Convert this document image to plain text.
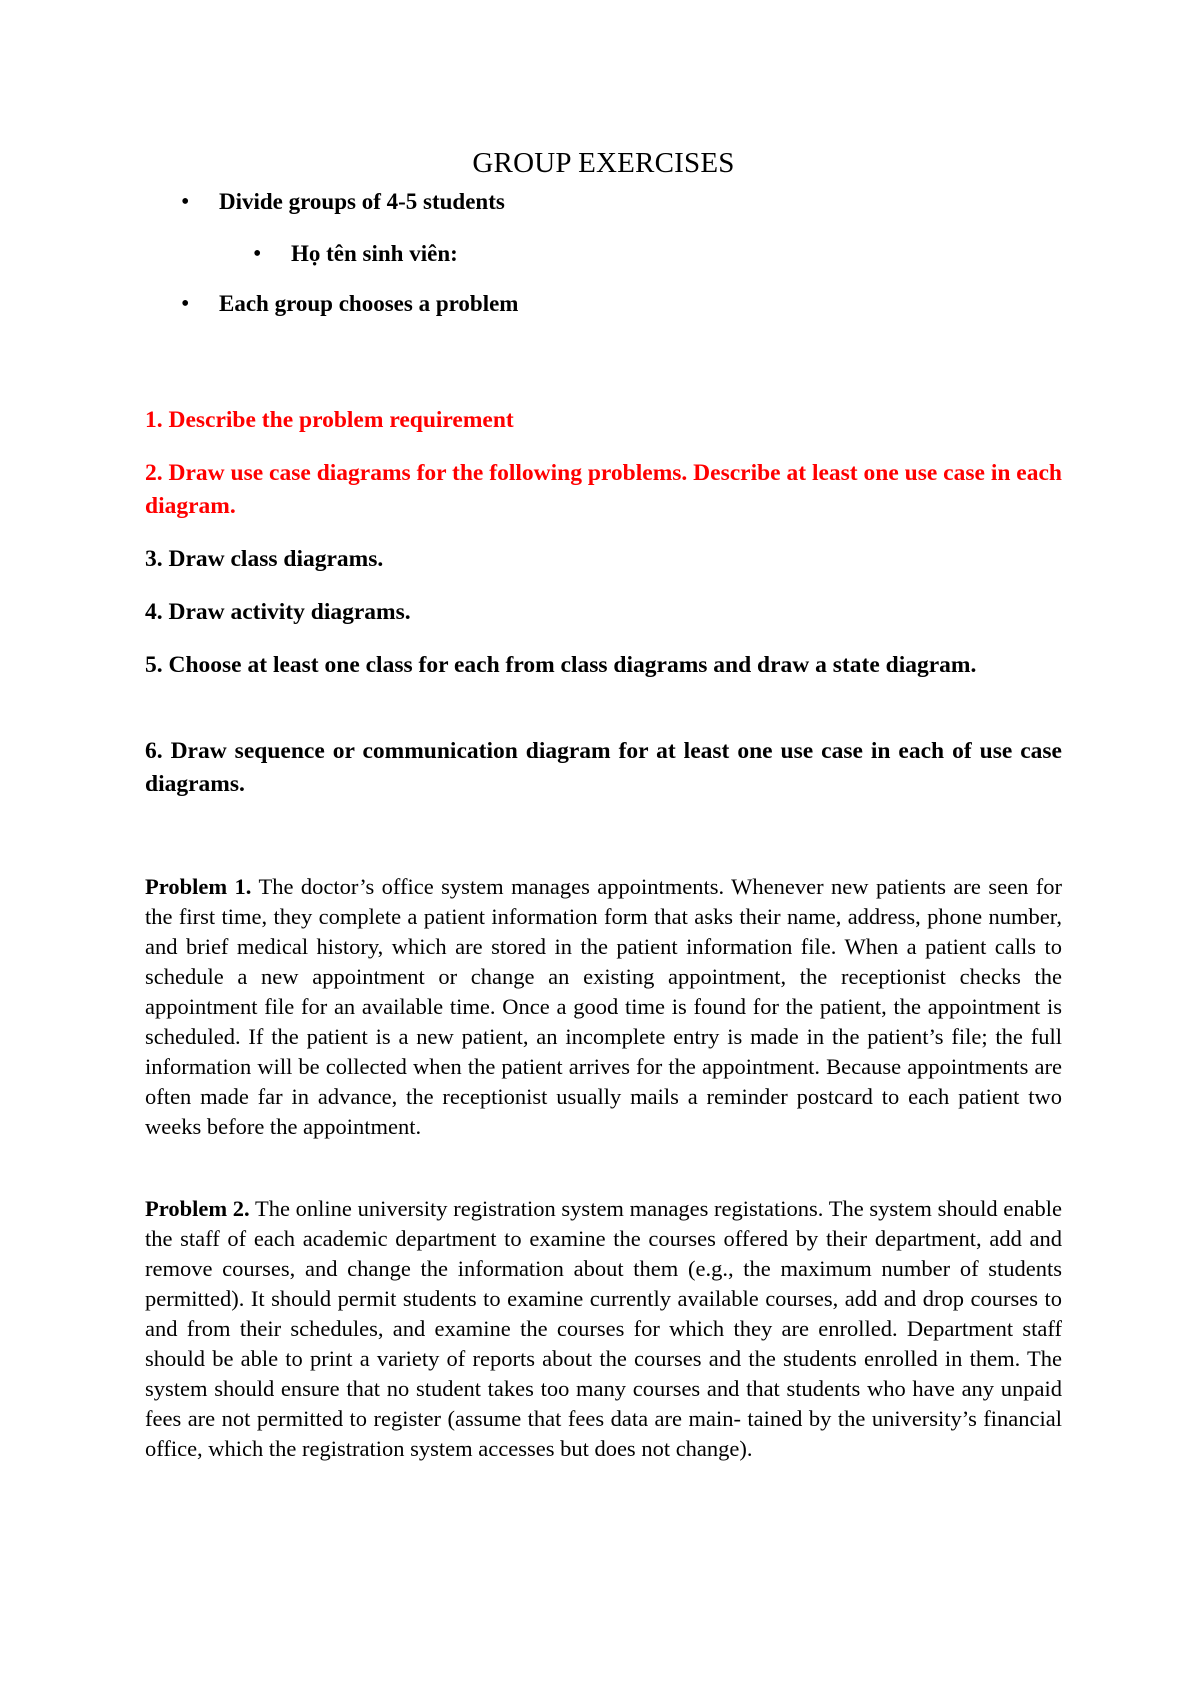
GROUP EXERCISES
• Divide groups of 4-5 students
• Họ tên sinh viên:
• Each group chooses a problem

1. Describe the problem requirement

2. Draw use case diagrams for the following problems. Describe at least one use case in each diagram.

3. Draw class diagrams.

4. Draw activity diagrams.

5. Choose at least one class for each from class diagrams and draw a state diagram.

6. Draw sequence or communication diagram for at least one use case in each of use case diagrams.

Problem 1. The doctor’s office system manages appointments. Whenever new patients are seen for the first time, they complete a patient information form that asks their name, address, phone number, and brief medical history, which are stored in the patient information file. When a patient calls to schedule a new appointment or change an existing appointment, the receptionist checks the appointment file for an available time. Once a good time is found for the patient, the appointment is scheduled. If the patient is a new patient, an incomplete entry is made in the patient’s file; the full information will be collected when the patient arrives for the appointment. Because appointments are often made far in advance, the receptionist usually mails a reminder postcard to each patient two weeks before the appointment.

Problem 2. The online university registration system manages registations. The system should enable the staff of each academic department to examine the courses offered by their department, add and remove courses, and change the information about them (e.g., the maximum number of students permitted). It should permit students to examine currently available courses, add and drop courses to and from their schedules, and examine the courses for which they are enrolled. Department staff should be able to print a variety of reports about the courses and the students enrolled in them. The system should ensure that no student takes too many courses and that students who have any unpaid fees are not permitted to register (assume that fees data are main- tained by the university’s financial office, which the registration system accesses but does not change).
